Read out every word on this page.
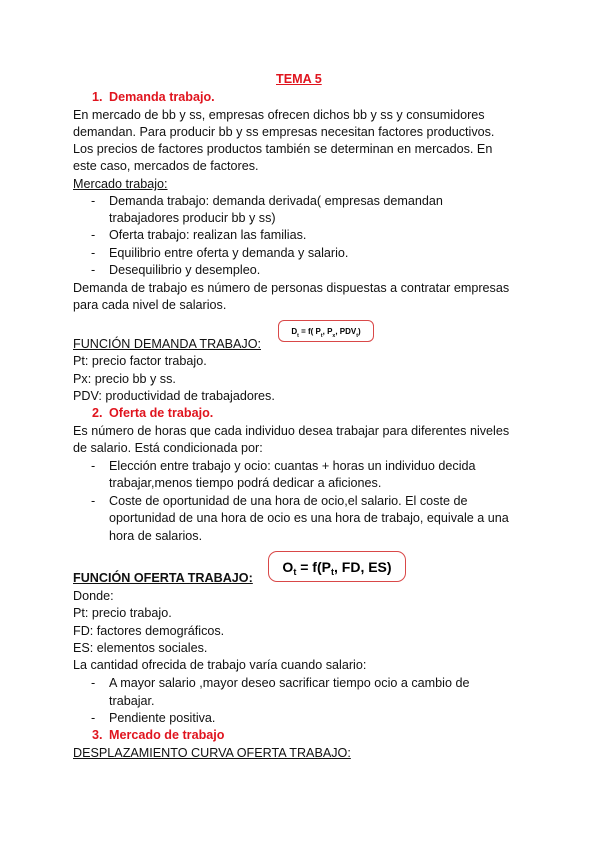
TEMA 5
1. Demanda trabajo.
En mercado de bb y ss, empresas ofrecen dichos bb y ss y consumidores
demandan. Para producir bb y ss empresas necesitan factores productivos.
Los precios de factores productos también se determinan en mercados. En
este caso, mercados de factores.
Mercado trabajo:
- Demanda trabajo: demanda derivada( empresas demandan
trabajadores producir bb y ss)
- Oferta trabajo: realizan las familias.
- Equilibrio entre oferta y demanda y salario.
- Desequilibrio y desempleo.
Demanda de trabajo es número de personas dispuestas a contratar empresas
para cada nivel de salarios.
$D_t = f$( $P_t$, $P_x$, $PDV_t$)
FUNCIÓN DEMANDA TRABAJO:
Pt: precio factor trabajo.
Px: precio bb y ss.
PDV: productividad de trabajadores.
2. Oferta de trabajo.
Es número de horas que cada individuo desea trabajar para diferentes niveles
de salario. Está condicionada por:
- Elección entre trabajo y ocio: cuantas + horas un individuo decida
trabajar,menos tiempo podrá dedicar a aficiones.
- Coste de oportunidad de una hora de ocio,el salario. El coste de
oportunidad de una hora de ocio es una hora de trabajo, equivale a una
hora de salarios.
$O_t = f(P_t$, FD, ES)
FUNCIÓN OFERTA TRABAJO:
Donde:
Pt: precio trabajo.
FD: factores demográficos.
ES: elementos sociales.
La cantidad ofrecida de trabajo varía cuando salario:
- A mayor salario ,mayor deseo sacrificar tiempo ocio a cambio de
trabajar.
- Pendiente positiva.
3. Mercado de trabajo
DESPLAZAMIENTO CURVA OFERTA TRABAJO:
